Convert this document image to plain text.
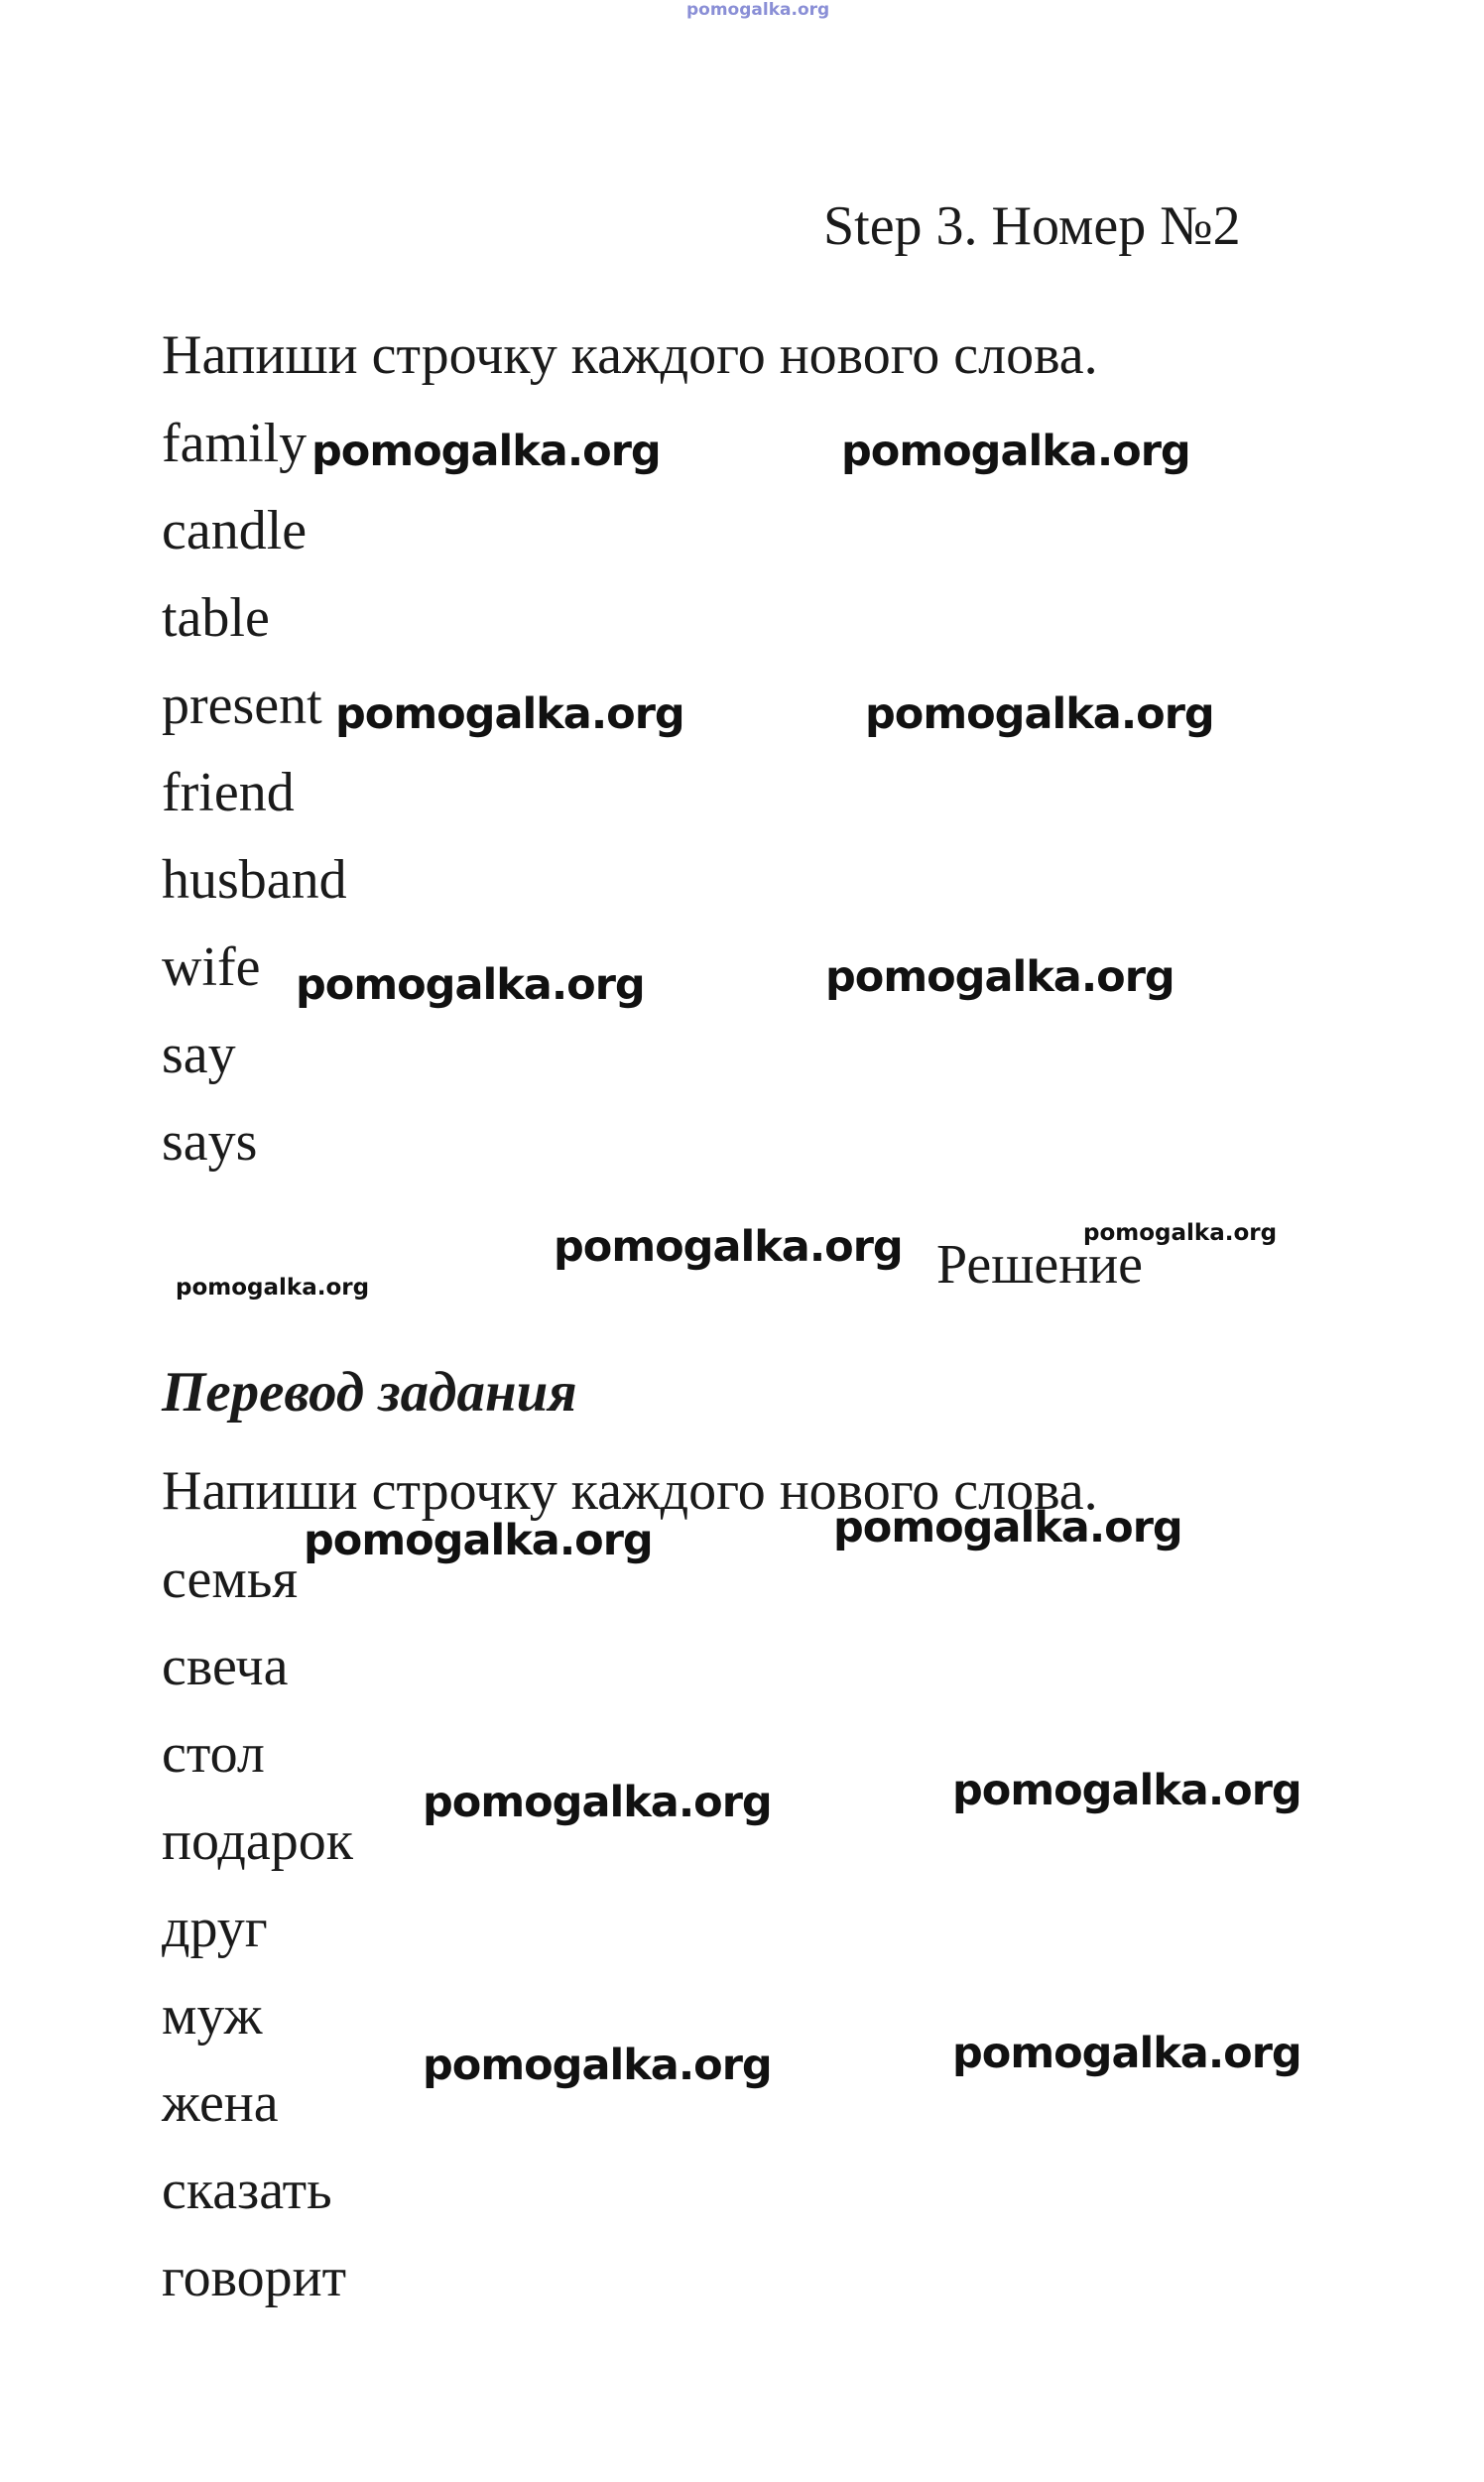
pomogalka.org
Step 3. Номер №2
Напиши строчку каждого нового слова.
family
candle
table
present
friend
husband
wife
say
says
Решение
Перевод задания
Напиши строчку каждого нового слова.
семья
свеча
стол
подарок
друг
муж
жена
сказать
говорит
pomogalka.org	pomogalka.org
pomogalka.org	pomogalka.org
pomogalka.org	pomogalka.org
pomogalka.org	pomogalka.org
pomogalka.org
pomogalka.org	pomogalka.org
pomogalka.org	pomogalka.org
pomogalka.org	pomogalka.org
